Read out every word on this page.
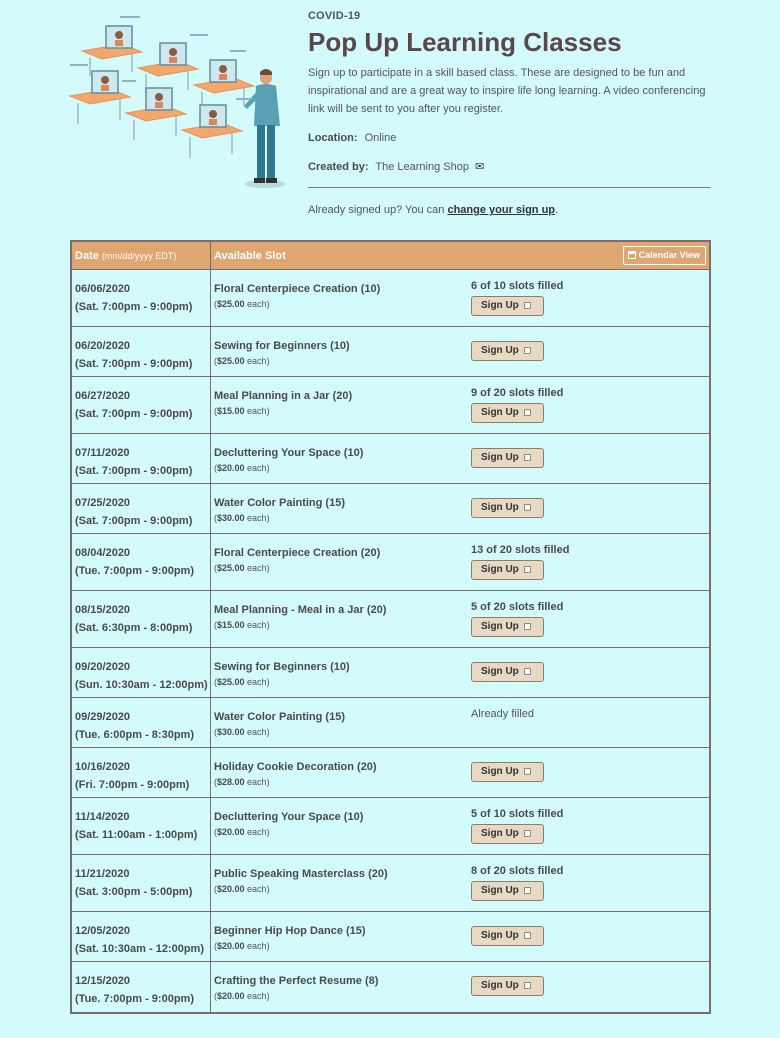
COVID-19
Pop Up Learning Classes
Sign up to participate in a skill based class. These are designed to be fun and inspirational and are a great way to inspire life long learning. A video conferencing link will be sent to you after you register.
Location: Online
Created by: The Learning Shop ✉
Already signed up? You can change your sign up.
Date (mm/dd/yyyy EDT)	Available Slot	Calendar View
06/06/2020
(Sat. 7:00pm - 9:00pm)
Floral Centerpiece Creation (10)
($25.00 each)
6 of 10 slots filled
Sign Up
06/20/2020
(Sat. 7:00pm - 9:00pm)
Sewing for Beginners (10)
($25.00 each)
Sign Up
06/27/2020
(Sat. 7:00pm - 9:00pm)
Meal Planning in a Jar (20)
($15.00 each)
9 of 20 slots filled
Sign Up
07/11/2020
(Sat. 7:00pm - 9:00pm)
Decluttering Your Space (10)
($20.00 each)
Sign Up
07/25/2020
(Sat. 7:00pm - 9:00pm)
Water Color Painting (15)
($30.00 each)
Sign Up
08/04/2020
(Tue. 7:00pm - 9:00pm)
Floral Centerpiece Creation (20)
($25.00 each)
13 of 20 slots filled
Sign Up
08/15/2020
(Sat. 6:30pm - 8:00pm)
Meal Planning - Meal in a Jar (20)
($15.00 each)
5 of 20 slots filled
Sign Up
09/20/2020
(Sun. 10:30am - 12:00pm)
Sewing for Beginners (10)
($25.00 each)
Sign Up
09/29/2020
(Tue. 6:00pm - 8:30pm)
Water Color Painting (15)
($30.00 each)
Already filled
10/16/2020
(Fri. 7:00pm - 9:00pm)
Holiday Cookie Decoration (20)
($28.00 each)
Sign Up
11/14/2020
(Sat. 11:00am - 1:00pm)
Decluttering Your Space (10)
($20.00 each)
5 of 10 slots filled
Sign Up
11/21/2020
(Sat. 3:00pm - 5:00pm)
Public Speaking Masterclass (20)
($20.00 each)
8 of 20 slots filled
Sign Up
12/05/2020
(Sat. 10:30am - 12:00pm)
Beginner Hip Hop Dance (15)
($20.00 each)
Sign Up
12/15/2020
(Tue. 7:00pm - 9:00pm)
Crafting the Perfect Resume (8)
($20.00 each)
Sign Up
